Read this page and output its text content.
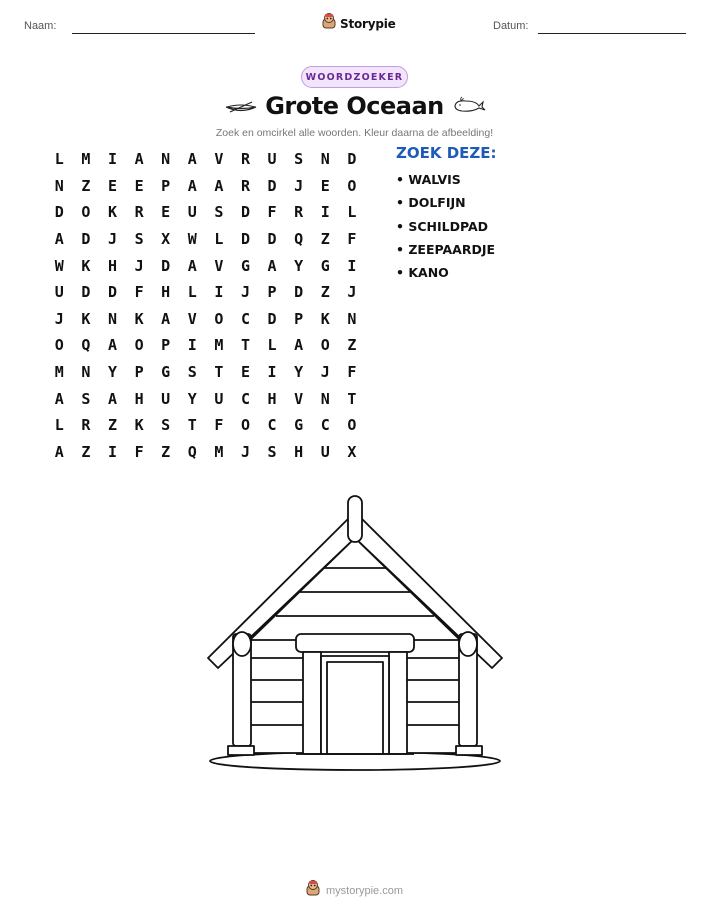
Naam:	Storypie	Datum:
WOORDZOEKER
Grote Oceaan
Zoek en omcirkel alle woorden. Kleur daarna de afbeelding!
L	M	I	A	N	A	V	R	U	S	N	D
N	Z	E	E	P	A	A	R	D	J	E	O
D	O	K	R	E	U	S	D	F	R	I	L
A	D	J	S	X	W	L	D	D	Q	Z	F
W	K	H	J	D	A	V	G	A	Y	G	I
U	D	D	F	H	L	I	J	P	D	Z	J
J	K	N	K	A	V	O	C	D	P	K	N
O	Q	A	O	P	I	M	T	L	A	O	Z
M	N	Y	P	G	S	T	E	I	Y	J	F
A	S	A	H	U	Y	U	C	H	V	N	T
L	R	Z	K	S	T	F	O	C	G	C	O
A	Z	I	F	Z	Q	M	J	S	H	U	X
ZOEK DEZE:
• WALVIS
• DOLFIJN
• SCHILDPAD
• ZEEPAARDJE
• KANO
mystorypie.com
